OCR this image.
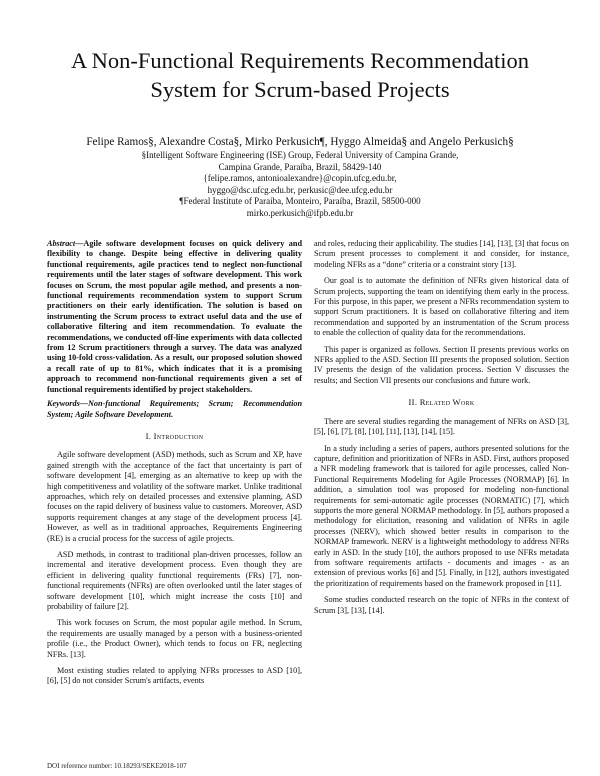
A Non-Functional Requirements Recommendation
System for Scrum-based Projects
Felipe Ramos§, Alexandre Costa§, Mirko Perkusich¶, Hyggo Almeida§ and Angelo Perkusich§
§Intelligent Software Engineering (ISE) Group, Federal University of Campina Grande,
Campina Grande, Paraíba, Brazil, 58429-140
{felipe.ramos, antonioalexandre}@copin.ufcg.edu.br,
hyggo@dsc.ufcg.edu.br, perkusic@dee.ufcg.edu.br
¶Federal Institute of Paraíba, Monteiro, Paraíba, Brazil, 58500-000
mirko.perkusich@ifpb.edu.br

Abstract—Agile software development focuses on quick delivery and flexibility to change. Despite being effective in delivering quality functional requirements, agile practices tend to neglect non-functional requirements until the later stages of software development. This work focuses on Scrum, the most popular agile method, and presents a non-functional requirements recommendation system to support Scrum practitioners on their early identification. The solution is based on instrumenting the Scrum process to extract useful data and the use of collaborative filtering and item recommendation. To evaluate the recommendations, we conducted off-line experiments with data collected from 12 Scrum practitioners through a survey. The data was analyzed using 10-fold cross-validation. As a result, our proposed solution showed a recall rate of up to 81%, which indicates that it is a promising approach to recommend non-functional requirements given a set of functional requirements identified by project stakeholders.

Keywords—Non-functional Requirements; Scrum; Recommendation System; Agile Software Development.

I. Introduction

Agile software development (ASD) methods, such as Scrum and XP, have gained strength with the acceptance of the fact that uncertainty is part of software development [4], emerging as an alternative to keep up with the high competitiveness and volatility of the software market. Unlike traditional approaches, which rely on detailed processes and extensive planning, ASD focuses on the rapid delivery of business value to customers. Moreover, ASD supports requirement changes at any stage of the development process [4]. However, as well as in traditional approaches, Requirements Engineering (RE) is a crucial process for the success of agile projects.

ASD methods, in contrast to traditional plan-driven processes, follow an incremental and iterative development process. Even though they are efficient in delivering quality functional requirements (FRs) [7], non-functional requirements (NFRs) are often overlooked until the later stages of software development [10], which might increase the costs [10] and probability of failure [2].

This work focuses on Scrum, the most popular agile method. In Scrum, the requirements are usually managed by a person with a business-oriented profile (i.e., the Product Owner), which tends to focus on FR, neglecting NFRs. [13].

Most existing studies related to applying NFRs processes to ASD [10], [6], [5] do not consider Scrum's artifacts, events

and roles, reducing their applicability. The studies [14], [13], [3] that focus on Scrum present processes to complement it and consider, for instance, modeling NFRs as a “done” criteria or a constraint story [13].

Our goal is to automate the definition of NFRs given historical data of Scrum projects, supporting the team on identifying them early in the process. For this purpose, in this paper, we present a NFRs recommendation system to support Scrum practitioners. It is based on collaborative filtering and item recommendation and supported by an instrumentation of the Scrum process to enable the collection of quality data for the recommendations.

This paper is organized as follows. Section II presents previous works on NFRs applied to the ASD. Section III presents the proposed solution. Section IV presents the design of the validation process. Section V discusses the results; and Section VII presents our conclusions and future work.

II. Related Work

There are several studies regarding the management of NFRs on ASD [3], [5], [6], [7], [8], [10], [11], [13], [14], [15].

In a study including a series of papers, authors presented solutions for the capture, definition and prioritization of NFRs in ASD. First, authors proposed a NFR modeling framework that is tailored for agile processes, called Non-Functional Requirements Modeling for Agile Processes (NORMAP) [6]. In addition, a simulation tool was proposed for modeling non-functional requirements for semi-automatic agile processes (NORMATIC) [7], which supports the more general NORMAP methodology. In [5], authors proposed a methodology for elicitation, reasoning and validation of NFRs in agile processes (NERV), which showed better results in comparison to the NORMAP framework. NERV is a lightweight methodology to address NFRs early in ASD. In the study [10], the authors proposed to use NFRs metadata from software requirements artifacts - documents and images - as an extension of previous works [6] and [5]. Finally, in [12], authors investigated the prioritization of requirements based on the framework proposed in [11].

Some studies conducted research on the topic of NFRs in the context of Scrum [3], [13], [14].

DOI reference number: 10.18293/SEKE2018-107
